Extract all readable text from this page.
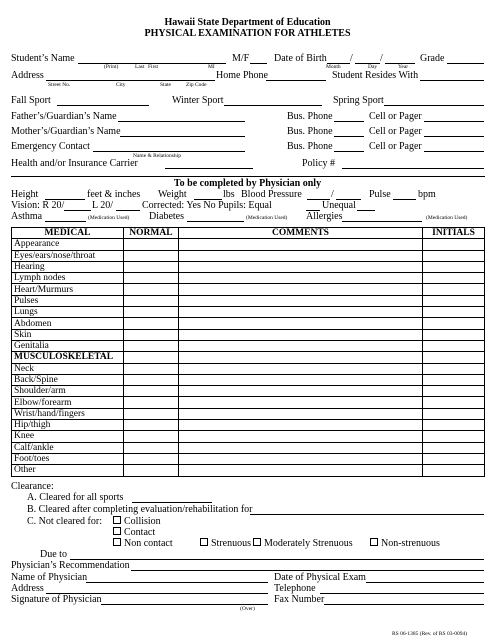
Hawaii State Department of Education
PHYSICAL EXAMINATION FOR ATHLETES
Student’s Name	M/F Date of Birth /	/	Grade
(Print)	Last First	MI	Month	Day	Year
Address	Home Phone	Student Resides With
Street No.	City	State	Zip Code
Fall Sport	Winter Sport	Spring Sport
Father’s/Guardian’s Name	Bus. Phone	Cell or Pager
Mother’s/Guardian’s Name	Bus. Phone	Cell or Pager
Emergency Contact	Bus. Phone	Cell or Pager
Name & Relationship
Health and/or Insurance Carrier	Policy #
To be completed by Physician only
Height	feet & inches Weight	lbs Blood Pressure	/	Pulse	bpm
Vision: R 20/	L 20/	Corrected: Yes No Pupils: Equal	Unequal
Asthma	(Medication Used) Diabetes	(Medication Used) Allergies	(Medication Used)
MEDICAL	NORMAL	COMMENTS	INITIALS
Appearance			
Eyes/ears/nose/throat			
Hearing			
Lymph nodes			
Heart/Murmurs			
Pulses			
Lungs			
Abdomen			
Skin			
Genitalia			
MUSCULOSKELETAL			
Neck			
Back/Spine			
Shoulder/arm			
Elbow/forearm			
Wrist/hand/fingers			
Hip/thigh			
Knee			
Calf/ankle			
Foot/toes			
Other			
Clearance:
A. Cleared for all sports
B. Cleared after completing evaluation/rehabilitation for
C. Not cleared for:	Collision
Contact
Non contact	Strenuous	Moderately Strenuous	Non-strenuous
Due to
Physician’s Recommendation
Name of Physician	Date of Physical Exam
Address	Telephone
Signature of Physician	Fax Number
(Over)
RS 06-1385 (Rev. of RS 03-0094)
